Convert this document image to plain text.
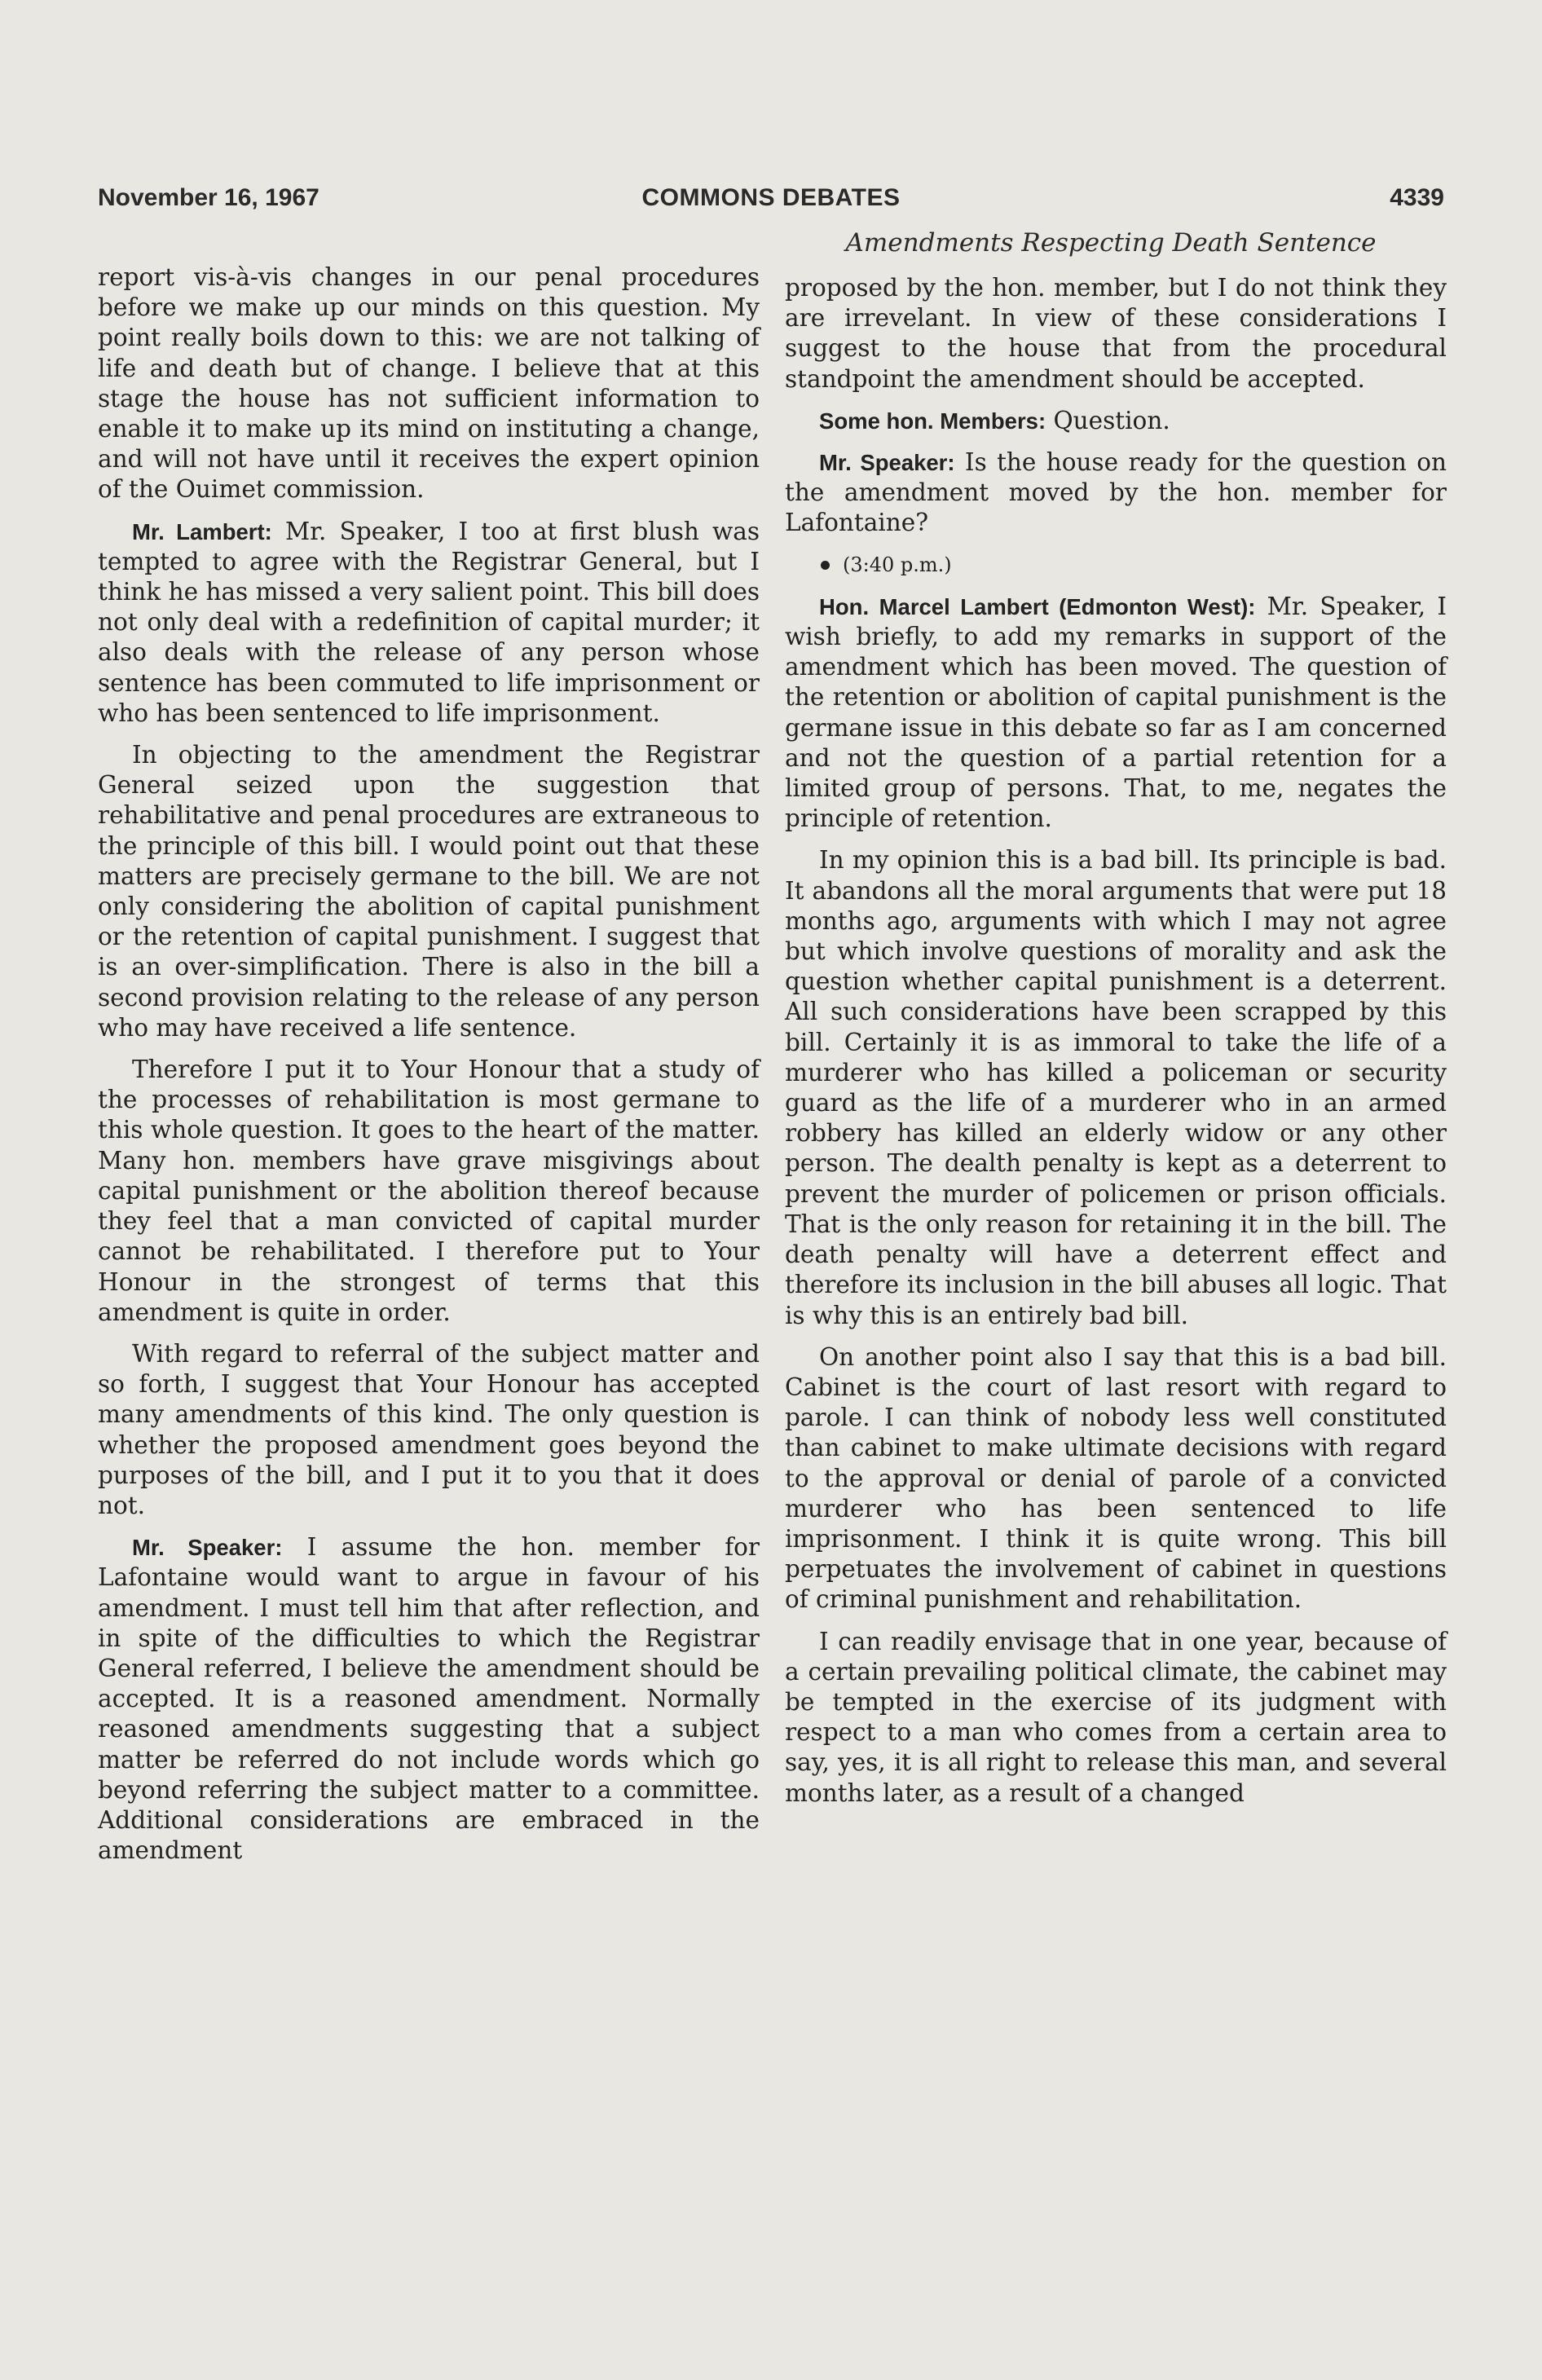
November 16, 1967	COMMONS DEBATES	4339
Amendments Respecting Death Sentence

report vis-à-vis changes in our penal procedures before we make up our minds on this question. My point really boils down to this: we are not talking of life and death but of change. I believe that at this stage the house has not sufficient information to enable it to make up its mind on instituting a change, and will not have until it receives the expert opinion of the Ouimet commission.

Mr. Lambert: Mr. Speaker, I too at first blush was tempted to agree with the Registrar General, but I think he has missed a very salient point. This bill does not only deal with a redefinition of capital murder; it also deals with the release of any person whose sentence has been commuted to life imprisonment or who has been sentenced to life imprisonment.

In objecting to the amendment the Registrar General seized upon the suggestion that rehabilitative and penal procedures are extraneous to the principle of this bill. I would point out that these matters are precisely germane to the bill. We are not only considering the abolition of capital punishment or the retention of capital punishment. I suggest that is an over-simplification. There is also in the bill a second provision relating to the release of any person who may have received a life sentence.

Therefore I put it to Your Honour that a study of the processes of rehabilitation is most germane to this whole question. It goes to the heart of the matter. Many hon. members have grave misgivings about capital punishment or the abolition thereof because they feel that a man convicted of capital murder cannot be rehabilitated. I therefore put to Your Honour in the strongest of terms that this amendment is quite in order.

With regard to referral of the subject matter and so forth, I suggest that Your Honour has accepted many amendments of this kind. The only question is whether the proposed amendment goes beyond the purposes of the bill, and I put it to you that it does not.

Mr. Speaker: I assume the hon. member for Lafontaine would want to argue in favour of his amendment. I must tell him that after reflection, and in spite of the difficulties to which the Registrar General referred, I believe the amendment should be accepted. It is a reasoned amendment. Normally reasoned amendments suggesting that a subject matter be referred do not include words which go beyond referring the subject matter to a committee. Additional considerations are embraced in the amendment

proposed by the hon. member, but I do not think they are irrevelant. In view of these considerations I suggest to the house that from the procedural standpoint the amendment should be accepted.

Some hon. Members: Question.

Mr. Speaker: Is the house ready for the question on the amendment moved by the hon. member for Lafontaine?

(3:40 p.m.)

Hon. Marcel Lambert (Edmonton West): Mr. Speaker, I wish briefly, to add my remarks in support of the amendment which has been moved. The question of the retention or abolition of capital punishment is the germane issue in this debate so far as I am concerned and not the question of a partial retention for a limited group of persons. That, to me, negates the principle of retention.

In my opinion this is a bad bill. Its principle is bad. It abandons all the moral arguments that were put 18 months ago, arguments with which I may not agree but which involve questions of morality and ask the question whether capital punishment is a deterrent. All such considerations have been scrapped by this bill. Certainly it is as immoral to take the life of a murderer who has killed a policeman or security guard as the life of a murderer who in an armed robbery has killed an elderly widow or any other person. The dealth penalty is kept as a deterrent to prevent the murder of policemen or prison officials. That is the only reason for retaining it in the bill. The death penalty will have a deterrent effect and therefore its inclusion in the bill abuses all logic. That is why this is an entirely bad bill.

On another point also I say that this is a bad bill. Cabinet is the court of last resort with regard to parole. I can think of nobody less well constituted than cabinet to make ultimate decisions with regard to the approval or denial of parole of a convicted murderer who has been sentenced to life imprisonment. I think it is quite wrong. This bill perpetuates the involvement of cabinet in questions of criminal punishment and rehabilitation.

I can readily envisage that in one year, because of a certain prevailing political climate, the cabinet may be tempted in the exercise of its judgment with respect to a man who comes from a certain area to say, yes, it is all right to release this man, and several months later, as a result of a changed
